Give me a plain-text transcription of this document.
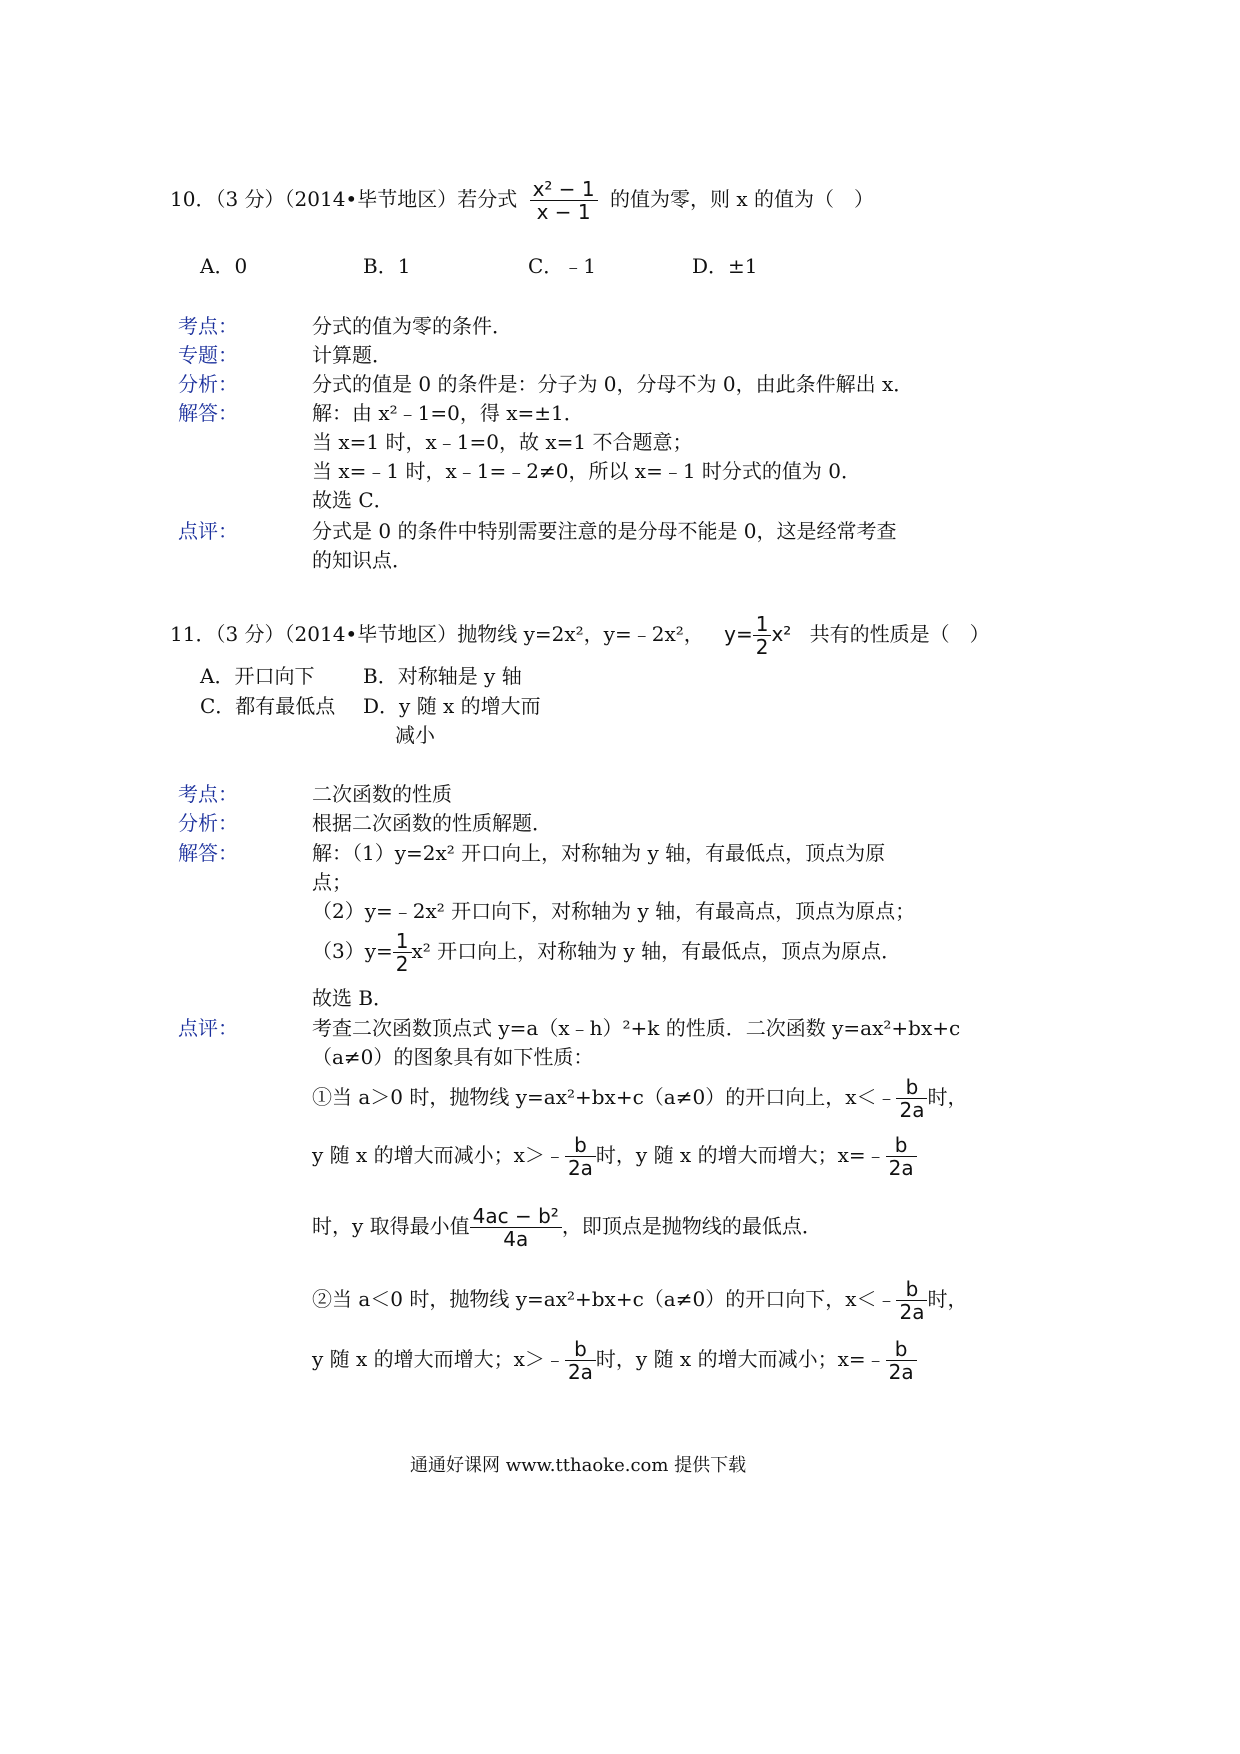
10．（3 分）（2014•毕节地区）若分式 $\frac{\text{x² − 1}}{x - 1}$ 的值为零，则 x 的值为（　）
A．0	B．1	C．﹣1	D．±1
考点：	分式的值为零的条件．
专题：	计算题．
分析：	分式的值是 0 的条件是：分子为 0，分母不为 0，由此条件解出 x．
解答：	解：由 x²﹣1=0，得 x=±1．
当 x=1 时，x﹣1=0，故 x=1 不合题意；
当 x=﹣1 时，x﹣1=﹣2≠0，所以 x=﹣1 时分式的值为 0．
故选 C．
点评：	分式是 0 的条件中特别需要注意的是分母不能是 0，这是经常考查
的知识点．
11．（3 分）（2014•毕节地区）抛物线 y=2x²，y=﹣2x²， $y= \frac{1}{2} x^2$ 共有的性质是（　）
A．开口向下 B．对称轴是 y 轴
C．都有最低点 D．y 随 x 的增大而
减小
考点：	二次函数的性质
分析：	根据二次函数的性质解题．
解答：	解：（1）y=2x² 开口向上，对称轴为 y 轴，有最低点，顶点为原
点；
（2）y=﹣2x² 开口向下，对称轴为 y 轴，有最高点，顶点为原点；
$(3)y= \frac{1}{2} x^2$ 开口向上，对称轴为 y 轴，有最低点，顶点为原点．
故选 B．
点评：	考查二次函数顶点式 y=a（x﹣h）²+k 的性质．二次函数 y=ax²+bx+c
（a≠0）的图象具有如下性质：
①当 a＞0 时，抛物线 y=ax²+bx+c（a≠0）的开口向上，x＜﹣ $\frac{b}{2a}$ 时，
y 随 x 的增大而减小；x＞﹣ $\frac{b}{2a}$ 时，y 随 x 的增大而增大；x=﹣ $\frac{b}{2a}$
时，y 取得最小值 $\frac{\text{4ac − b²}}{4a}$ ，即顶点是抛物线的最低点．
②当 a＜0 时，抛物线 y=ax²+bx+c（a≠0）的开口向下，x＜﹣ $\frac{b}{2a}$ 时，
y 随 x 的增大而增大；x＞﹣ $\frac{b}{2a}$ 时，y 随 x 的增大而减小；x=﹣ $\frac{b}{2a}$
通通好课网 www.tthaoke.com 提供下载
